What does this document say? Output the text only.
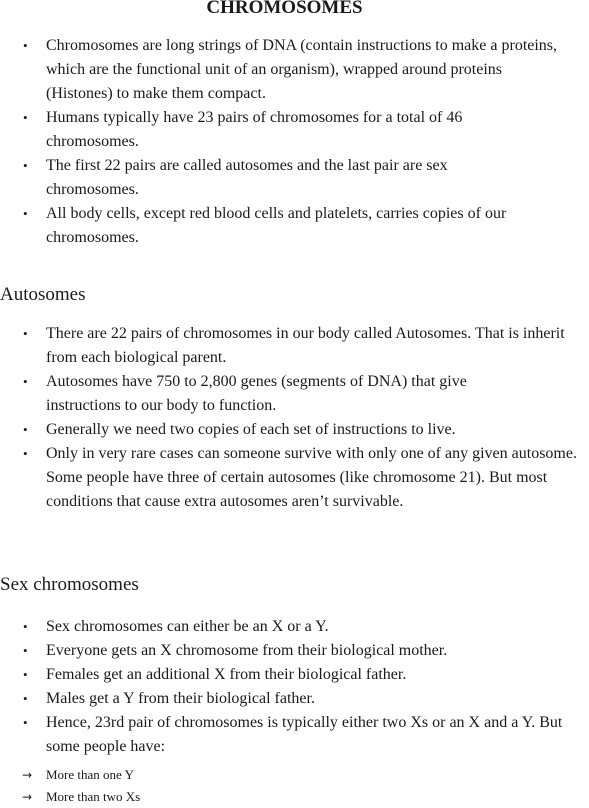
CHROMOSOMES
• Chromosomes are long strings of DNA (contain instructions to make a proteins, which are the functional unit of an organism), wrapped around proteins (Histones) to make them compact.
• Humans typically have 23 pairs of chromosomes for a total of 46 chromosomes.
• The first 22 pairs are called autosomes and the last pair are sex chromosomes.
• All body cells, except red blood cells and platelets, carries copies of our chromosomes.
Autosomes
• There are 22 pairs of chromosomes in our body called Autosomes. That is inherit from each biological parent.
• Autosomes have 750 to 2,800 genes (segments of DNA) that give instructions to our body to function.
• Generally we need two copies of each set of instructions to live.
• Only in very rare cases can someone survive with only one of any given autosome. Some people have three of certain autosomes (like chromosome 21). But most conditions that cause extra autosomes aren’t survivable.
Sex chromosomes
• Sex chromosomes can either be an X or a Y.
• Everyone gets an X chromosome from their biological mother.
• Females get an additional X from their biological father.
• Males get a Y from their biological father.
• Hence, 23rd pair of chromosomes is typically either two Xs or an X and a Y. But some people have:
→ More than one Y
→ More than two Xs
